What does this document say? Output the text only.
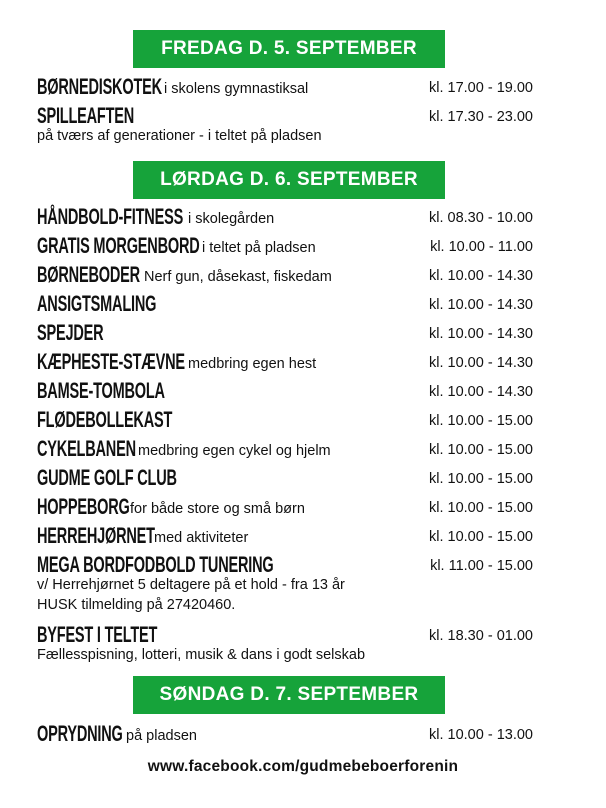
FREDAG D. 5. SEPTEMBER
BØRNEDISKOTEK i skolens gymnastiksal	kl. 17.00 - 19.00
SPILLEAFTEN	kl. 17.30 - 23.00
på tværs af generationer - i teltet på pladsen
LØRDAG D. 6. SEPTEMBER
HÅNDBOLD-FITNESS i skolegården	kl. 08.30 - 10.00
GRATIS MORGENBORD i teltet på pladsen	kl. 10.00 - 11.00
BØRNEBODER Nerf gun, dåsekast, fiskedam	kl. 10.00 - 14.30
ANSIGTSMALING	kl. 10.00 - 14.30
SPEJDER	kl. 10.00 - 14.30
KÆPHESTE-STÆVNE medbring egen hest	kl. 10.00 - 14.30
BAMSE-TOMBOLA	kl. 10.00 - 14.30
FLØDEBOLLEKAST	kl. 10.00 - 15.00
CYKELBANEN medbring egen cykel og hjelm	kl. 10.00 - 15.00
GUDME GOLF CLUB	kl. 10.00 - 15.00
HOPPEBORG for både store og små børn	kl. 10.00 - 15.00
HERREHJØRNET med aktiviteter	kl. 10.00 - 15.00
MEGA BORDFODBOLD TUNERING	kl. 11.00 - 15.00
v/ Herrehjørnet 5 deltagere på et hold - fra 13 år
HUSK tilmelding på 27420460.
BYFEST I TELTET	kl. 18.30 - 01.00
Fællesspisning, lotteri, musik & dans i godt selskab
SØNDAG D. 7. SEPTEMBER
OPRYDNING på pladsen	kl. 10.00 - 13.00
www.facebook.com/gudmebeboerforenin
